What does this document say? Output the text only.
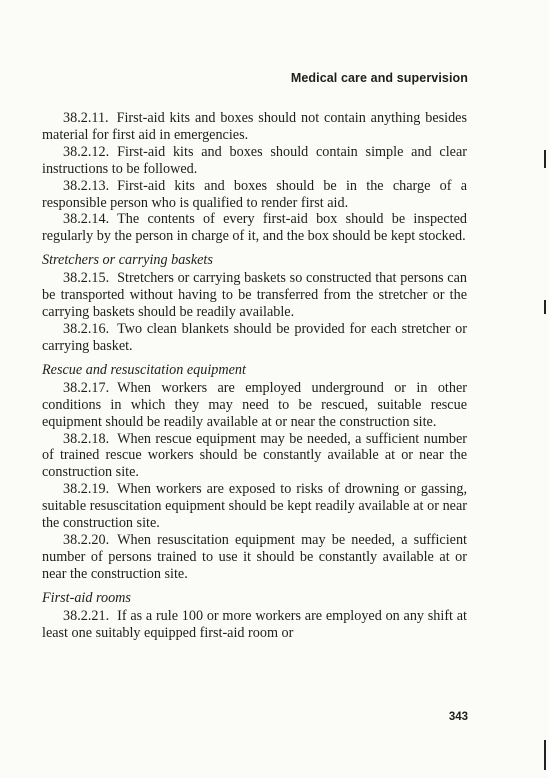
Medical care and supervision

38.2.11. First-aid kits and boxes should not contain anything besides material for first aid in emergencies.

38.2.12. First-aid kits and boxes should contain simple and clear instructions to be followed.

38.2.13. First-aid kits and boxes should be in the charge of a responsible person who is qualified to render first aid.

38.2.14. The contents of every first-aid box should be inspected regularly by the person in charge of it, and the box should be kept stocked.

Stretchers or carrying baskets

38.2.15. Stretchers or carrying baskets so constructed that persons can be transported without having to be transferred from the stretcher or the carrying baskets should be readily available.

38.2.16. Two clean blankets should be provided for each stretcher or carrying basket.

Rescue and resuscitation equipment

38.2.17. When workers are employed underground or in other conditions in which they may need to be rescued, suitable rescue equipment should be readily available at or near the construction site.

38.2.18. When rescue equipment may be needed, a sufficient number of trained rescue workers should be constantly available at or near the construction site.

38.2.19. When workers are exposed to risks of drowning or gassing, suitable resuscitation equipment should be kept readily available at or near the construction site.

38.2.20. When resuscitation equipment may be needed, a sufficient number of persons trained to use it should be constantly available at or near the construction site.

First-aid rooms

38.2.21. If as a rule 100 or more workers are employed on any shift at least one suitably equipped first-aid room or

343
